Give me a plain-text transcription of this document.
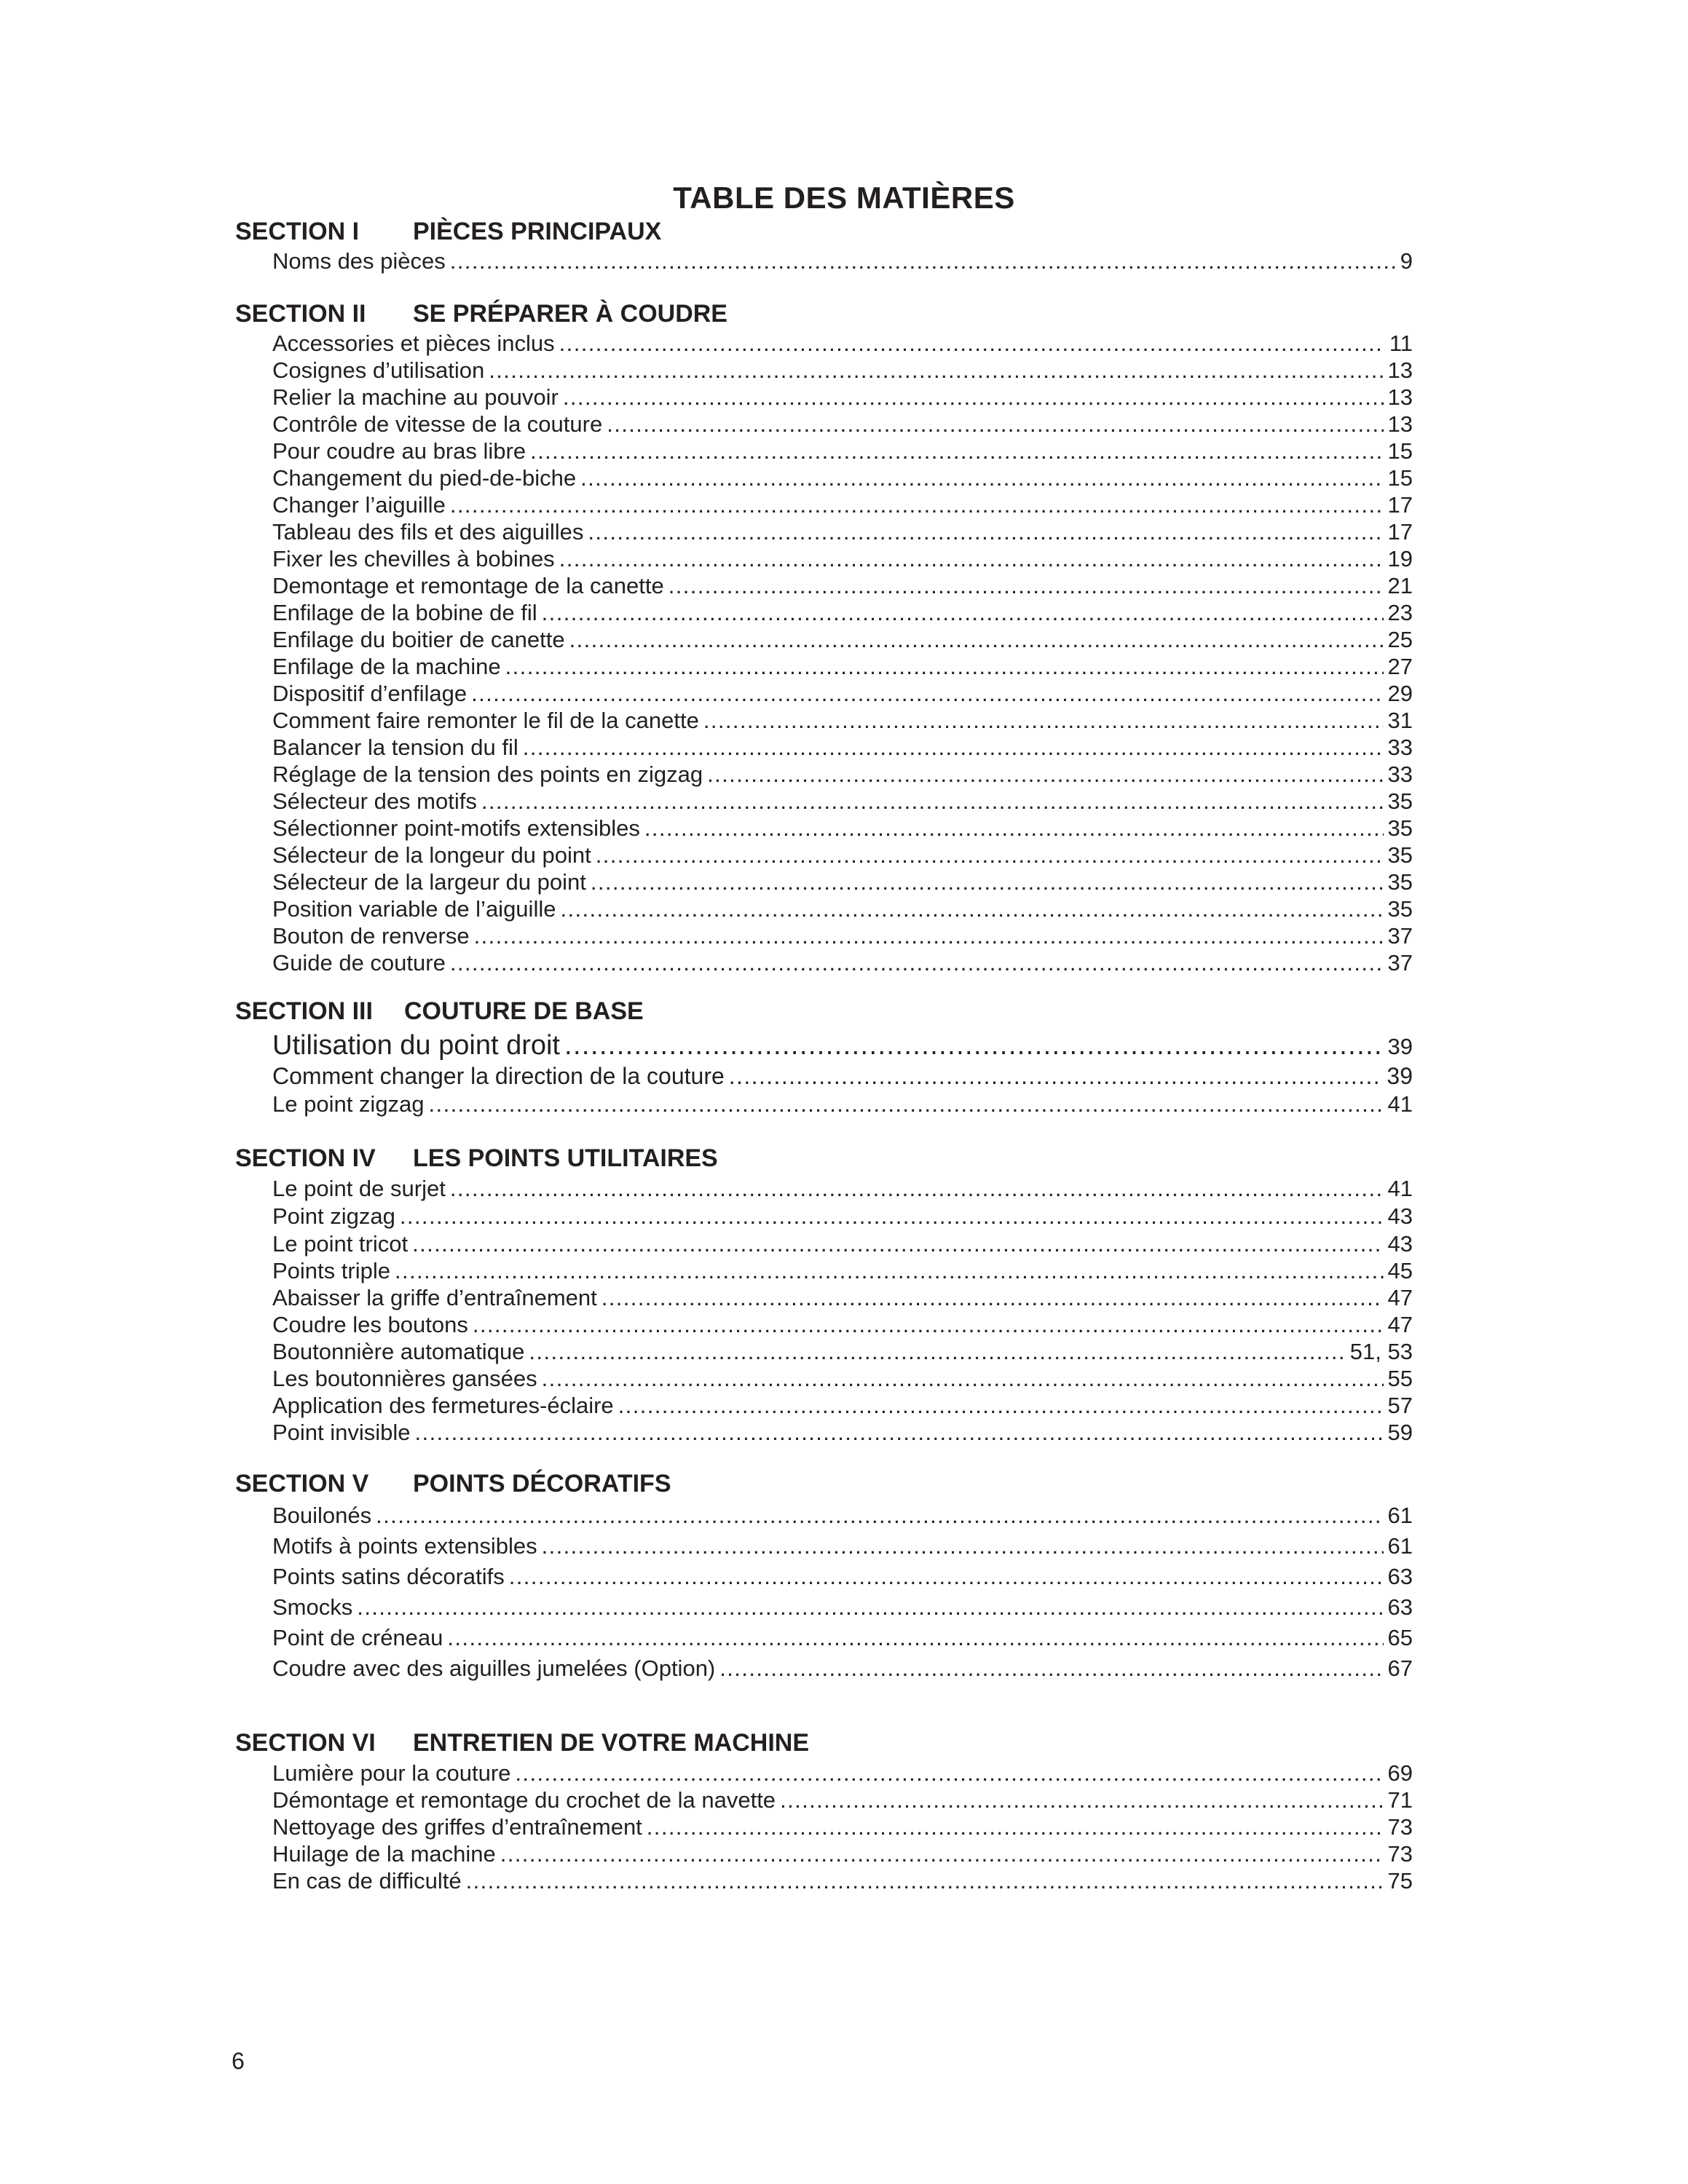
TABLE DES MATIÈRES
SECTION I PIÈCES PRINCIPAUX
Noms des pièces .....	9
SECTION II SE PRÉPARER À COUDRE
Accessories et pièces inclus .....	11
Cosignes d’utilisation .....	13
Relier la machine au pouvoir .....	13
Contrôle de vitesse de la couture .....	13
Pour coudre au bras libre .....	15
Changement du pied-de-biche .....	15
Changer l’aiguille .....	17
Tableau des fils et des aiguilles .....	17
Fixer les chevilles à bobines .....	19
Demontage et remontage de la canette .....	21
Enfilage de la bobine de fil .....	23
Enfilage du boitier de canette .....	25
Enfilage de la machine .....	27
Dispositif d’enfilage .....	29
Comment faire remonter le fil de la canette .....	31
Balancer la tension du fil .....	33
Réglage de la tension des points en zigzag .....	33
Sélecteur des motifs .....	35
Sélectionner point-motifs extensibles .....	35
Sélecteur de la longeur du point .....	35
Sélecteur de la largeur du point .....	35
Position variable de l’aiguille .....	35
Bouton de renverse .....	37
Guide de couture .....	37
SECTION III COUTURE DE BASE
Utilisation du point droit .....	39
Comment changer la direction de la couture .....	39
Le point zigzag .....	41
SECTION IV LES POINTS UTILITAIRES
Le point de surjet .....	41
Point zigzag .....	43
Le point tricot .....	43
Points triple .....	45
Abaisser la griffe d’entraînement .....	47
Coudre les boutons .....	47
Boutonnière automatique .....	51, 53
Les boutonnières gansées .....	55
Application des fermetures-éclaire .....	57
Point invisible .....	59
SECTION V POINTS DÉCORATIFS
Bouilonés .....	61
Motifs à points extensibles .....	61
Points satins décoratifs .....	63
Smocks .....	63
Point de créneau .....	65
Coudre avec des aiguilles jumelées (Option) .....	67
SECTION VI ENTRETIEN DE VOTRE MACHINE
Lumière pour la couture .....	69
Démontage et remontage du crochet de la navette .....	71
Nettoyage des griffes d’entraînement .....	73
Huilage de la machine .....	73
En cas de difficulté .....	75
6
